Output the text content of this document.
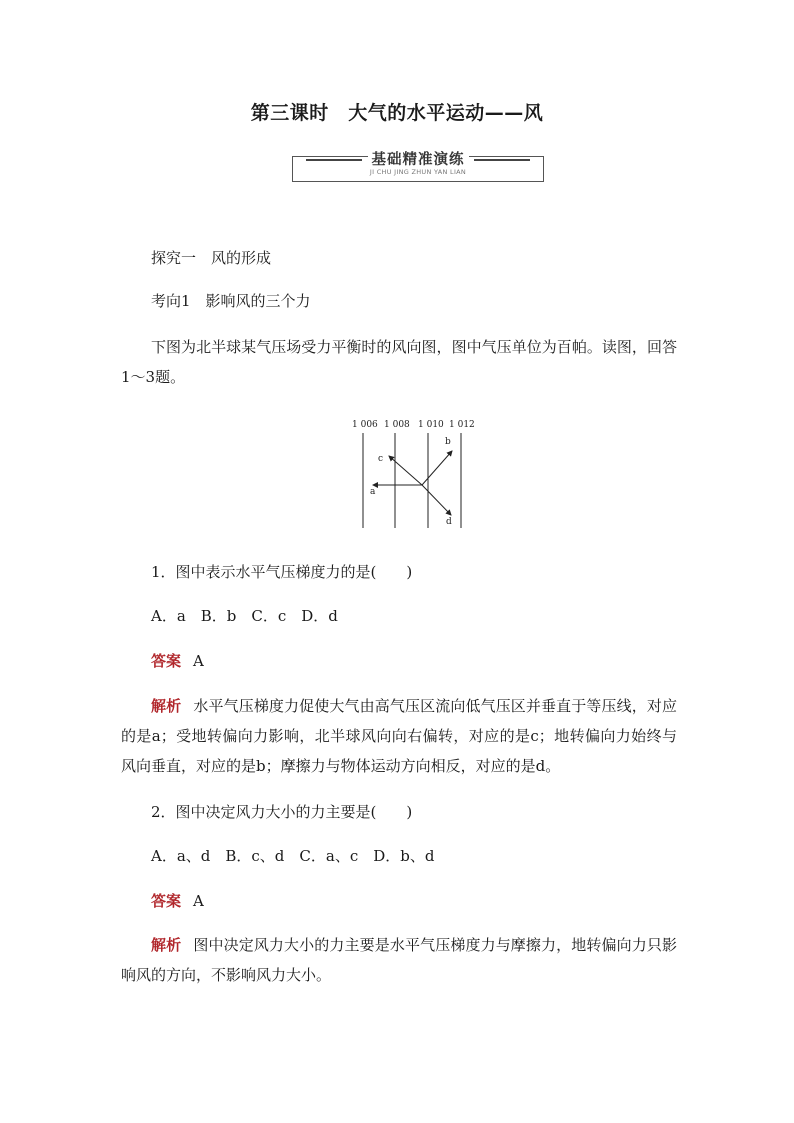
第三课时　大气的水平运动——风
基础精准演练
JI CHU JING ZHUN YAN LIAN
探究一　风的形成
考向1　影响风的三个力
下图为北半球某气压场受力平衡时的风向图，图中气压单位为百帕。读图，回答1～3题。
1 006 1 008 1 010 1 012
a
b
c
d
1．图中表示水平气压梯度力的是(　　)
A．a　B．b　C．c　D．d
答案 A
解析 水平气压梯度力促使大气由高气压区流向低气压区并垂直于等压线，对应的是a；受地转偏向力影响，北半球风向向右偏转，对应的是c；地转偏向力始终与风向垂直，对应的是b；摩擦力与物体运动方向相反，对应的是d。
2．图中决定风力大小的力主要是(　　)
A．a、d　B．c、d　C．a、c　D．b、d
答案 A
解析 图中决定风力大小的力主要是水平气压梯度力与摩擦力，地转偏向力只影响风的方向，不影响风力大小。
